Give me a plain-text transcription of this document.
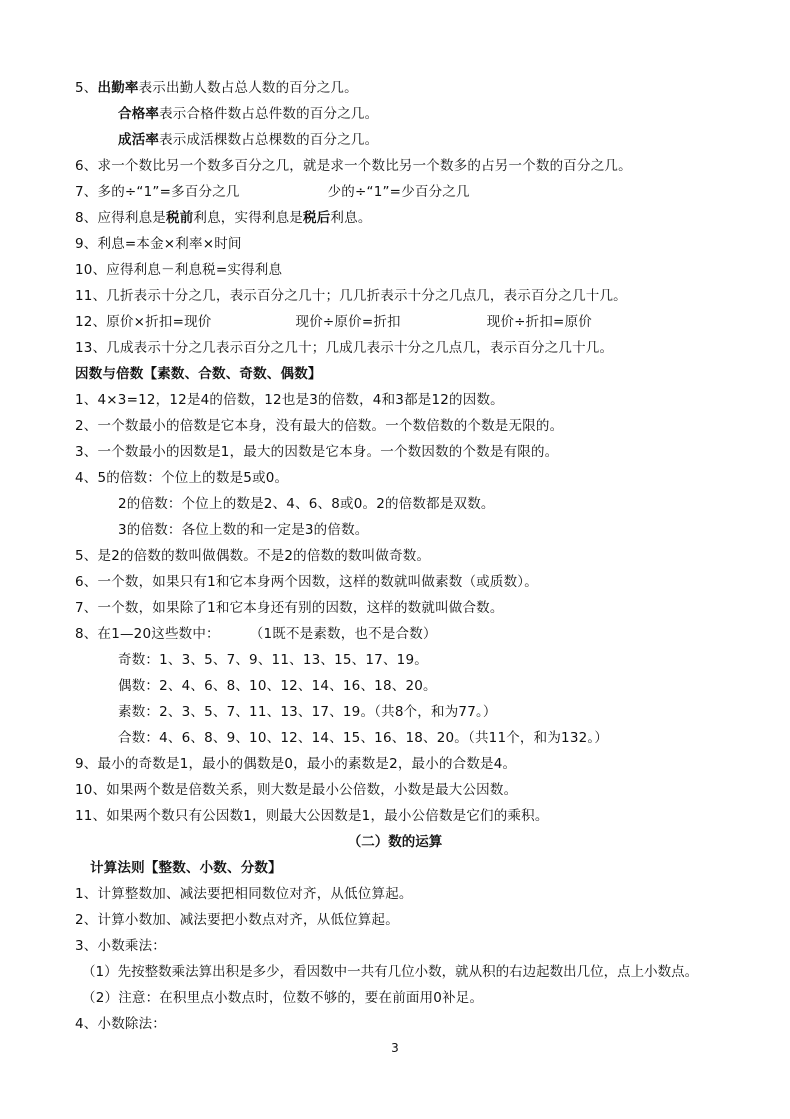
5、出勤率表示出勤人数占总人数的百分之几。
合格率表示合格件数占总件数的百分之几。
成活率表示成活棵数占总棵数的百分之几。
6、求一个数比另一个数多百分之几，就是求一个数比另一个数多的占另一个数的百分之几。
7、多的÷“1”=多百分之几	少的÷“1”=少百分之几
8、应得利息是税前利息，实得利息是税后利息。
9、利息=本金×利率×时间
10、应得利息－利息税=实得利息
11、几折表示十分之几，表示百分之几十；几几折表示十分之几点几，表示百分之几十几。
12、原价×折扣=现价	现价÷原价=折扣	现价÷折扣=原价
13、几成表示十分之几表示百分之几十；几成几表示十分之几点几，表示百分之几十几。
因数与倍数【素数、合数、奇数、偶数】
1、4×3=12，12是4的倍数，12也是3的倍数，4和3都是12的因数。
2、一个数最小的倍数是它本身，没有最大的倍数。一个数倍数的个数是无限的。
3、一个数最小的因数是1，最大的因数是它本身。一个数因数的个数是有限的。
4、5的倍数：个位上的数是5或0。
2的倍数：个位上的数是2、4、6、8或0。2的倍数都是双数。
3的倍数：各位上数的和一定是3的倍数。
5、是2的倍数的数叫做偶数。不是2的倍数的数叫做奇数。
6、一个数，如果只有1和它本身两个因数，这样的数就叫做素数（或质数）。
7、一个数，如果除了1和它本身还有别的因数，这样的数就叫做合数。
8、在1—20这些数中： （1既不是素数，也不是合数）
奇数：1、3、5、7、9、11、13、15、17、19。
偶数：2、4、6、8、10、12、14、16、18、20。
素数：2、3、5、7、11、13、17、19。（共8个，和为77。）
合数：4、6、8、9、10、12、14、15、16、18、20。（共11个，和为132。）
9、最小的奇数是1，最小的偶数是0，最小的素数是2，最小的合数是4。
10、如果两个数是倍数关系，则大数是最小公倍数，小数是最大公因数。
11、如果两个数只有公因数1，则最大公因数是1，最小公倍数是它们的乘积。
（二）数的运算
计算法则【整数、小数、分数】
1、计算整数加、减法要把相同数位对齐，从低位算起。
2、计算小数加、减法要把小数点对齐，从低位算起。
3、小数乘法：
（1）先按整数乘法算出积是多少，看因数中一共有几位小数，就从积的右边起数出几位，点上小数点。
（2）注意：在积里点小数点时，位数不够的，要在前面用0补足。
4、小数除法：
3
